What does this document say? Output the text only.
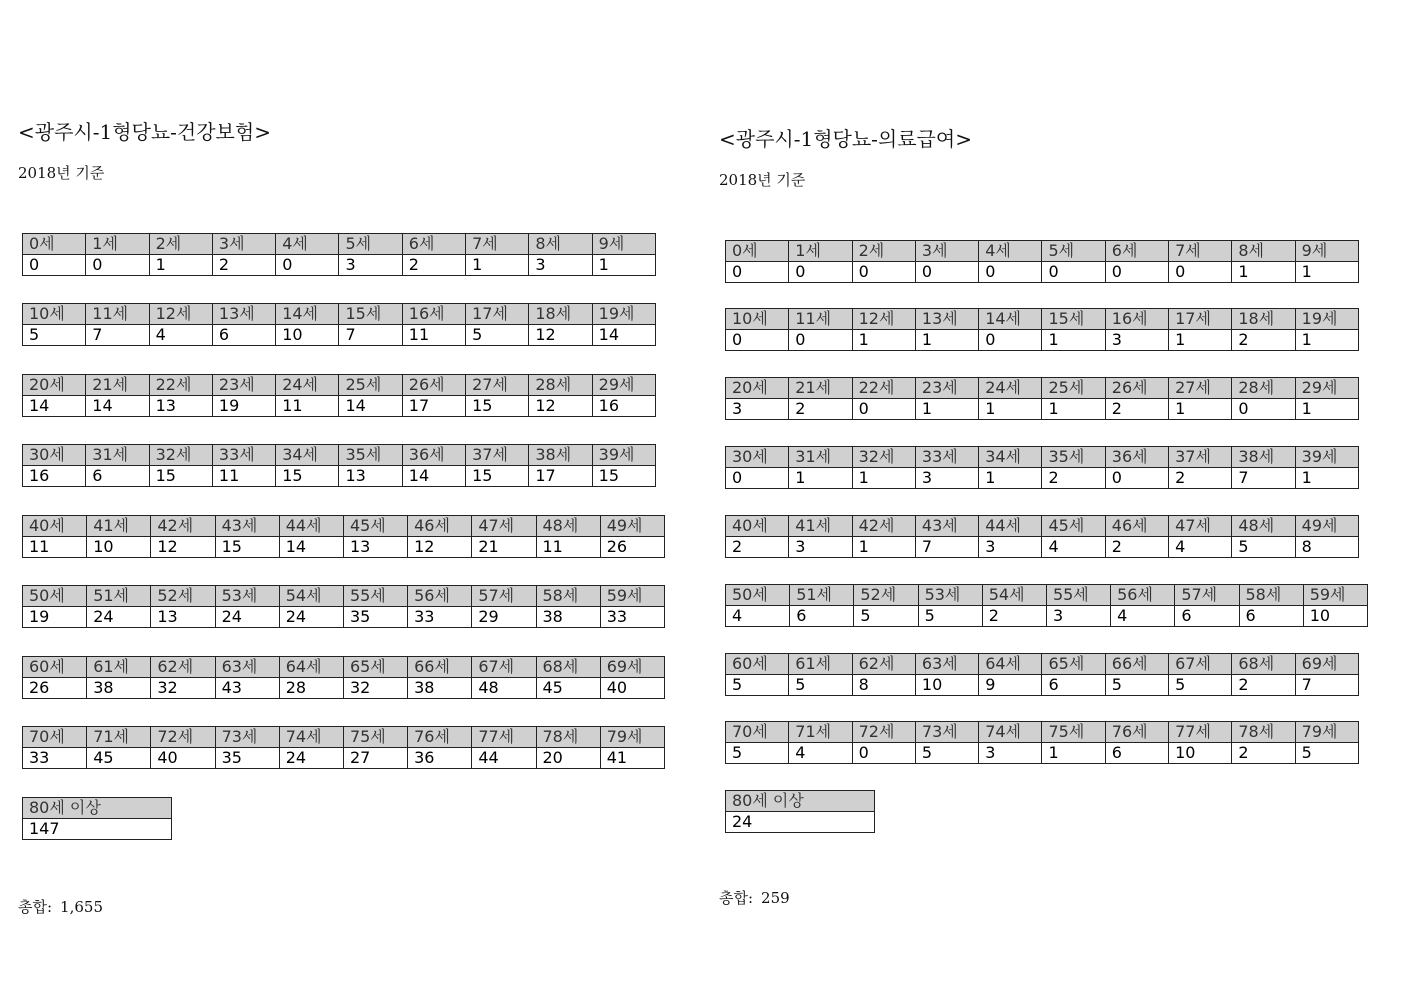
<광주시-1형당뇨-건강보험>
2018년 기준
0세	1세	2세	3세	4세	5세	6세	7세	8세	9세
0	0	1	2	0	3	2	1	3	1
10세	11세	12세	13세	14세	15세	16세	17세	18세	19세
5	7	4	6	10	7	11	5	12	14
20세	21세	22세	23세	24세	25세	26세	27세	28세	29세
14	14	13	19	11	14	17	15	12	16
30세	31세	32세	33세	34세	35세	36세	37세	38세	39세
16	6	15	11	15	13	14	15	17	15
40세	41세	42세	43세	44세	45세	46세	47세	48세	49세
11	10	12	15	14	13	12	21	11	26
50세	51세	52세	53세	54세	55세	56세	57세	58세	59세
19	24	13	24	24	35	33	29	38	33
60세	61세	62세	63세	64세	65세	66세	67세	68세	69세
26	38	32	43	28	32	38	48	45	40
70세	71세	72세	73세	74세	75세	76세	77세	78세	79세
33	45	40	35	24	27	36	44	20	41
80세 이상
147
총합: 1,655
<광주시-1형당뇨-의료급여>
2018년 기준
0세	1세	2세	3세	4세	5세	6세	7세	8세	9세
0	0	0	0	0	0	0	0	1	1
10세	11세	12세	13세	14세	15세	16세	17세	18세	19세
0	0	1	1	0	1	3	1	2	1
20세	21세	22세	23세	24세	25세	26세	27세	28세	29세
3	2	0	1	1	1	2	1	0	1
30세	31세	32세	33세	34세	35세	36세	37세	38세	39세
0	1	1	3	1	2	0	2	7	1
40세	41세	42세	43세	44세	45세	46세	47세	48세	49세
2	3	1	7	3	4	2	4	5	8
50세	51세	52세	53세	54세	55세	56세	57세	58세	59세
4	6	5	5	2	3	4	6	6	10
60세	61세	62세	63세	64세	65세	66세	67세	68세	69세
5	5	8	10	9	6	5	5	2	7
70세	71세	72세	73세	74세	75세	76세	77세	78세	79세
5	4	0	5	3	1	6	10	2	5
80세 이상
24
총합: 259
